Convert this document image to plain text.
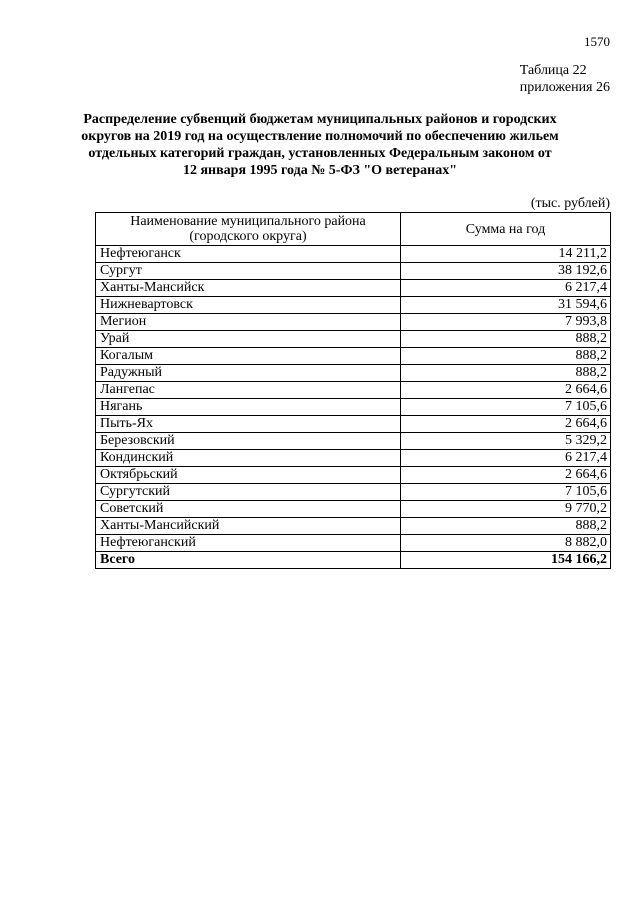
1570
Таблица 22
приложения 26
Распределение субвенций бюджетам муниципальных районов и городских округов на 2019 год на осуществление полномочий по обеспечению жильем отдельных категорий граждан, установленных Федеральным законом от 12 января 1995 года № 5-ФЗ "О ветеранах"
(тыс. рублей)
Наименование муниципального района (городского округа)	Сумма на год
Нефтеюганск	14 211,2
Сургут	38 192,6
Ханты-Мансийск	6 217,4
Нижневартовск	31 594,6
Мегион	7 993,8
Урай	888,2
Когалым	888,2
Радужный	888,2
Лангепас	2 664,6
Нягань	7 105,6
Пыть-Ях	2 664,6
Березовский	5 329,2
Кондинский	6 217,4
Октябрьский	2 664,6
Сургутский	7 105,6
Советский	9 770,2
Ханты-Мансийский	888,2
Нефтеюганский	8 882,0
Всего	154 166,2
